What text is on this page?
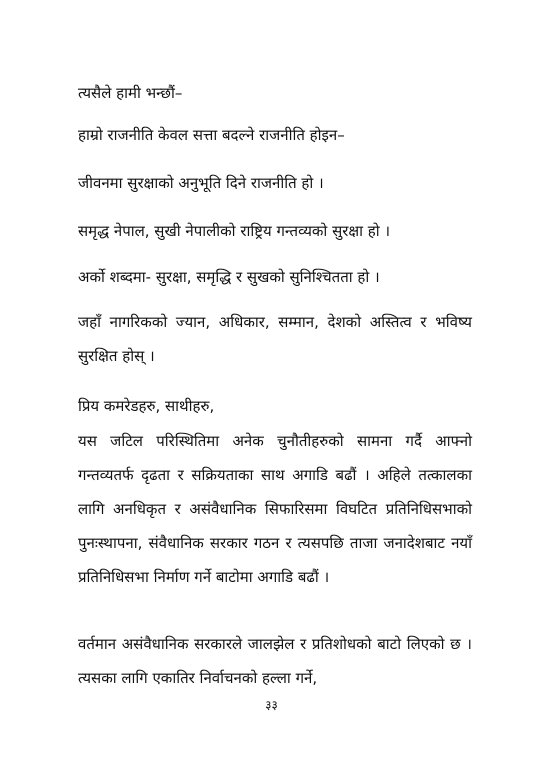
त्यसैले हामी भन्छौं–

हाम्रो राजनीति केवल सत्ता बदल्ने राजनीति होइन–

जीवनमा सुरक्षाको अनुभूति दिने राजनीति हो ।

समृद्ध नेपाल, सुखी नेपालीको राष्ट्रिय गन्तव्यको सुरक्षा हो ।

अर्को शब्दमा- सुरक्षा, समृद्धि र सुखको सुनिश्चितता हो ।

जहाँ नागरिकको ज्यान, अधिकार, सम्मान, देशको अस्तित्व र भविष्य सुरक्षित होस् ।

प्रिय कमरेडहरु, साथीहरु,

यस जटिल परिस्थितिमा अनेक चुनौतीहरुको सामना गर्दै आफ्नो गन्तव्यतर्फ दृढता र सक्रियताका साथ अगाडि बढौं । अहिले तत्कालका लागि अनधिकृत र असंवैधानिक सिफारिसमा विघटित प्रतिनिधिसभाको पुनःस्थापना, संवैधानिक सरकार गठन र त्यसपछि ताजा जनादेशबाट नयाँ प्रतिनिधिसभा निर्माण गर्ने बाटोमा अगाडि बढौं ।

वर्तमान असंवैधानिक सरकारले जालझेल र प्रतिशोधको बाटो लिएको छ । त्यसका लागि एकातिर निर्वाचनको हल्ला गर्ने,

३३
